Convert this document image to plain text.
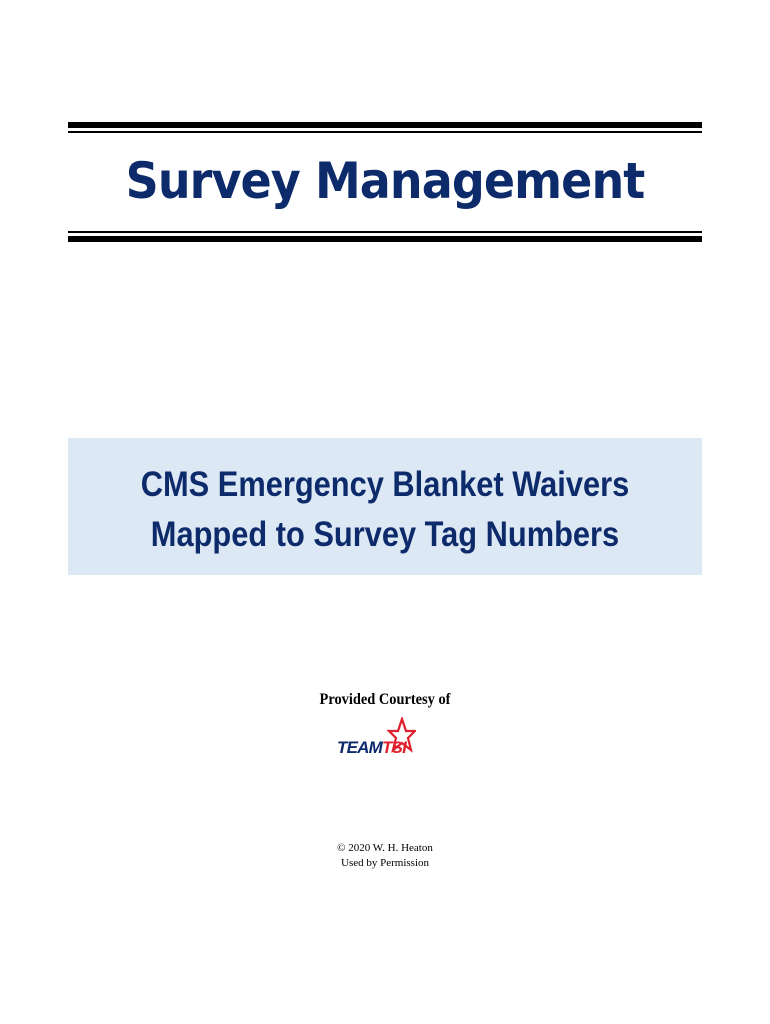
Survey Management
CMS Emergency Blanket Waivers
Mapped to Survey Tag Numbers
Provided Courtesy of
TEAMTSI
© 2020 W. H. Heaton
Used by Permission
